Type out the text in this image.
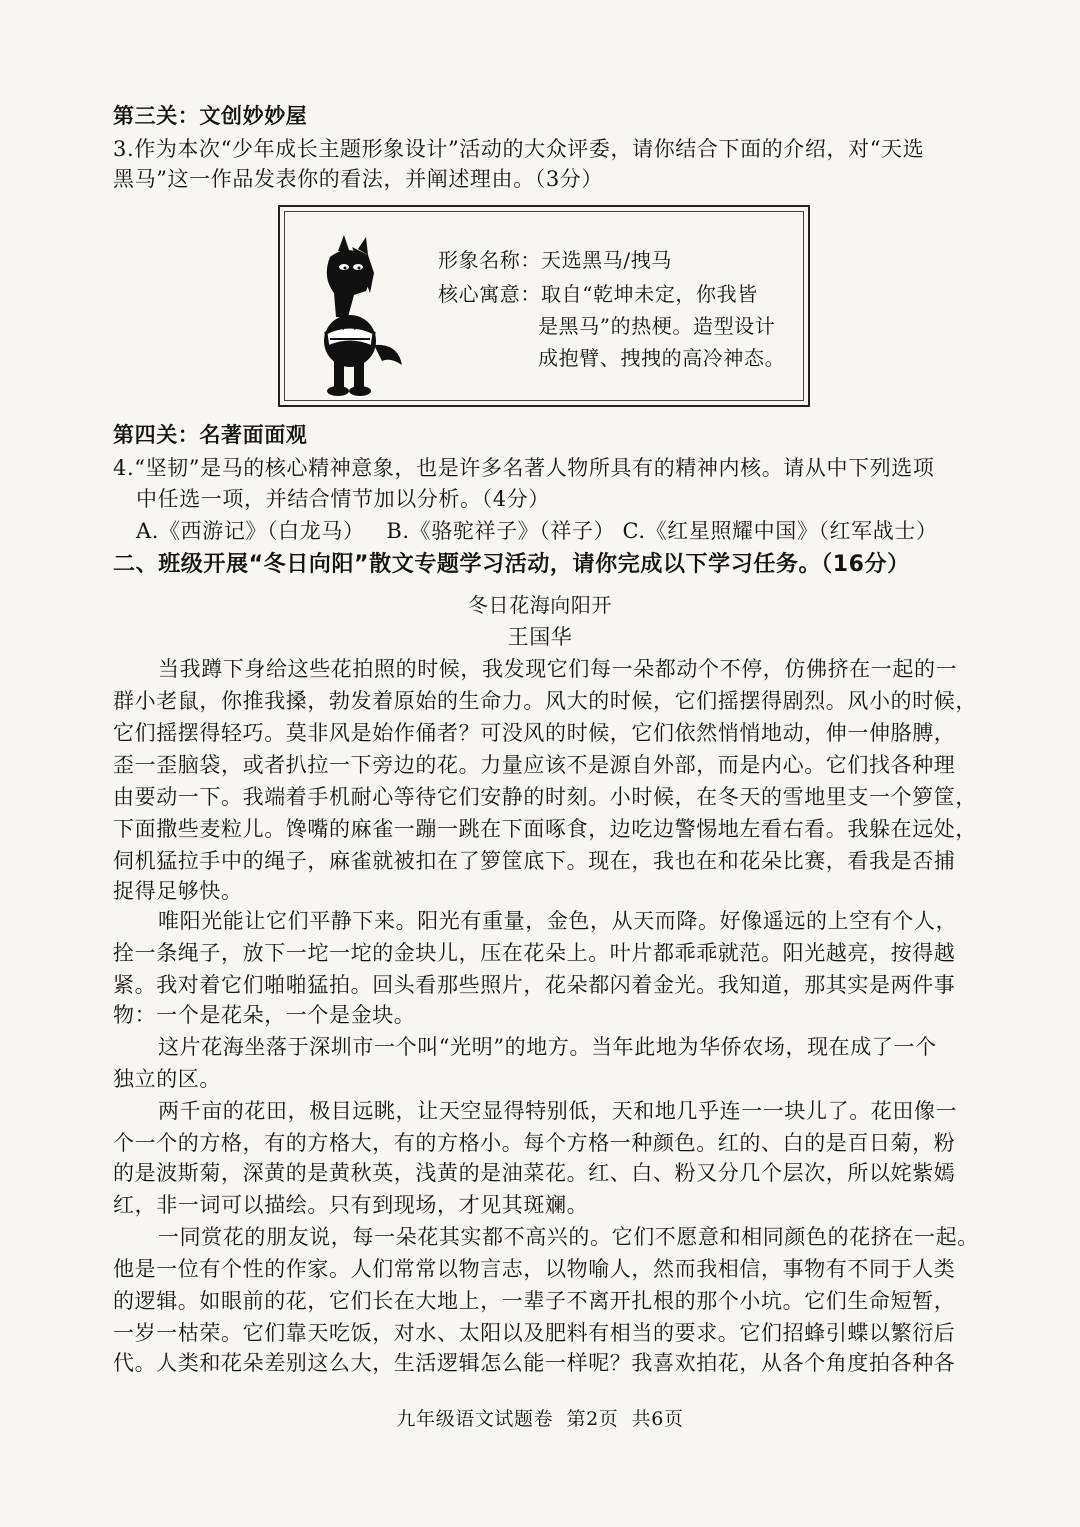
第三关：文创妙妙屋
3.作为本次“少年成长主题形象设计”活动的大众评委，请你结合下面的介绍，对“天选
黑马”这一作品发表你的看法，并阐述理由。（3分）
形象名称：天选黑马/拽马
核心寓意：取自“乾坤未定，你我皆
是黑马”的热梗。造型设计
成抱臂、拽拽的高冷神态。
第四关：名著面面观
4.“坚韧”是马的核心精神意象，也是许多名著人物所具有的精神内核。请从中下列选项
中任选一项，并结合情节加以分析。（4分）
A.《西游记》（白龙马）   B.《骆驼祥子》（祥子） C.《红星照耀中国》（红军战士）
二、班级开展“冬日向阳”散文专题学习活动，请你完成以下学习任务。（16分）
冬日花海向阳开
王国华
当我蹲下身给这些花拍照的时候，我发现它们每一朵都动个不停，仿佛挤在一起的一
群小老鼠，你推我搡，勃发着原始的生命力。风大的时候，它们摇摆得剧烈。风小的时候，
它们摇摆得轻巧。莫非风是始作俑者？可没风的时候，它们依然悄悄地动，伸一伸胳膊，
歪一歪脑袋，或者扒拉一下旁边的花。力量应该不是源自外部，而是内心。它们找各种理
由要动一下。我端着手机耐心等待它们安静的时刻。小时候，在冬天的雪地里支一个箩筐，
下面撒些麦粒儿。馋嘴的麻雀一蹦一跳在下面啄食，边吃边警惕地左看右看。我躲在远处，
伺机猛拉手中的绳子，麻雀就被扣在了箩筐底下。现在，我也在和花朵比赛，看我是否捕
捉得足够快。
唯阳光能让它们平静下来。阳光有重量，金色，从天而降。好像遥远的上空有个人，
拴一条绳子，放下一坨一坨的金块儿，压在花朵上。叶片都乖乖就范。阳光越亮，按得越
紧。我对着它们啪啪猛拍。回头看那些照片，花朵都闪着金光。我知道，那其实是两件事
物：一个是花朵，一个是金块。
这片花海坐落于深圳市一个叫“光明”的地方。当年此地为华侨农场，现在成了一个
独立的区。
两千亩的花田，极目远眺，让天空显得特别低，天和地几乎连一一块儿了。花田像一
个一个的方格，有的方格大，有的方格小。每个方格一种颜色。红的、白的是百日菊，粉
的是波斯菊，深黄的是黄秋英，浅黄的是油菜花。红、白、粉又分几个层次，所以姹紫嫣
红，非一词可以描绘。只有到现场，才见其斑斓。
一同赏花的朋友说，每一朵花其实都不高兴的。它们不愿意和相同颜色的花挤在一起。
他是一位有个性的作家。人们常常以物言志，以物喻人，然而我相信，事物有不同于人类
的逻辑。如眼前的花，它们长在大地上，一辈子不离开扎根的那个小坑。它们生命短暂，
一岁一枯荣。它们靠天吃饭，对水、太阳以及肥料有相当的要求。它们招蜂引蝶以繁衍后
代。人类和花朵差别这么大，生活逻辑怎么能一样呢？我喜欢拍花，从各个角度拍各种各
九年级语文试题卷  第2页  共6页
